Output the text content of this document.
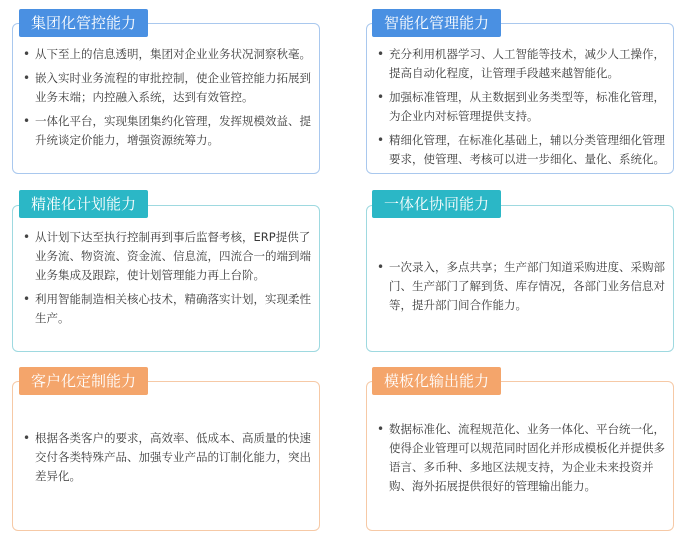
• 从下至上的信息透明，集团对企业业务状况洞察秋毫。
• 嵌入实时业务流程的审批控制，使企业管控能力拓展到业务末端；内控融入系统，达到有效管控。
• 一体化平台，实现集团集约化管理，发挥规模效益、提升统谈定价能力，增强资源统筹力。
集团化管控能力
• 充分利用机器学习、人工智能等技术，减少人工操作，提高自动化程度，让管理手段越来越智能化。
• 加强标准管理，从主数据到业务类型等，标准化管理，为企业内对标管理提供支持。
• 精细化管理，在标准化基础上，辅以分类管理细化管理要求，使管理、考核可以进一步细化、量化、系统化。
智能化管理能力
• 从计划下达至执行控制再到事后监督考核，ERP提供了业务流、物资流、资金流、信息流，四流合一的端到端业务集成及跟踪，使计划管理能力再上台阶。
• 利用智能制造相关核心技术，精确落实计划，实现柔性生产。
精准化计划能力
• 一次录入，多点共享；生产部门知道采购进度、采购部门、生产部门了解到货、库存情况，各部门业务信息对等，提升部门间合作能力。
一体化协同能力
• 根据各类客户的要求，高效率、低成本、高质量的快速交付各类特殊产品、加强专业产品的订制化能力，突出差异化。
客户化定制能力
• 数据标准化、流程规范化、业务一体化、平台统一化，使得企业管理可以规范同时固化并形成模板化并提供多语言、多币种、多地区法规支持，为企业未来投资并购、海外拓展提供很好的管理输出能力。
模板化输出能力
